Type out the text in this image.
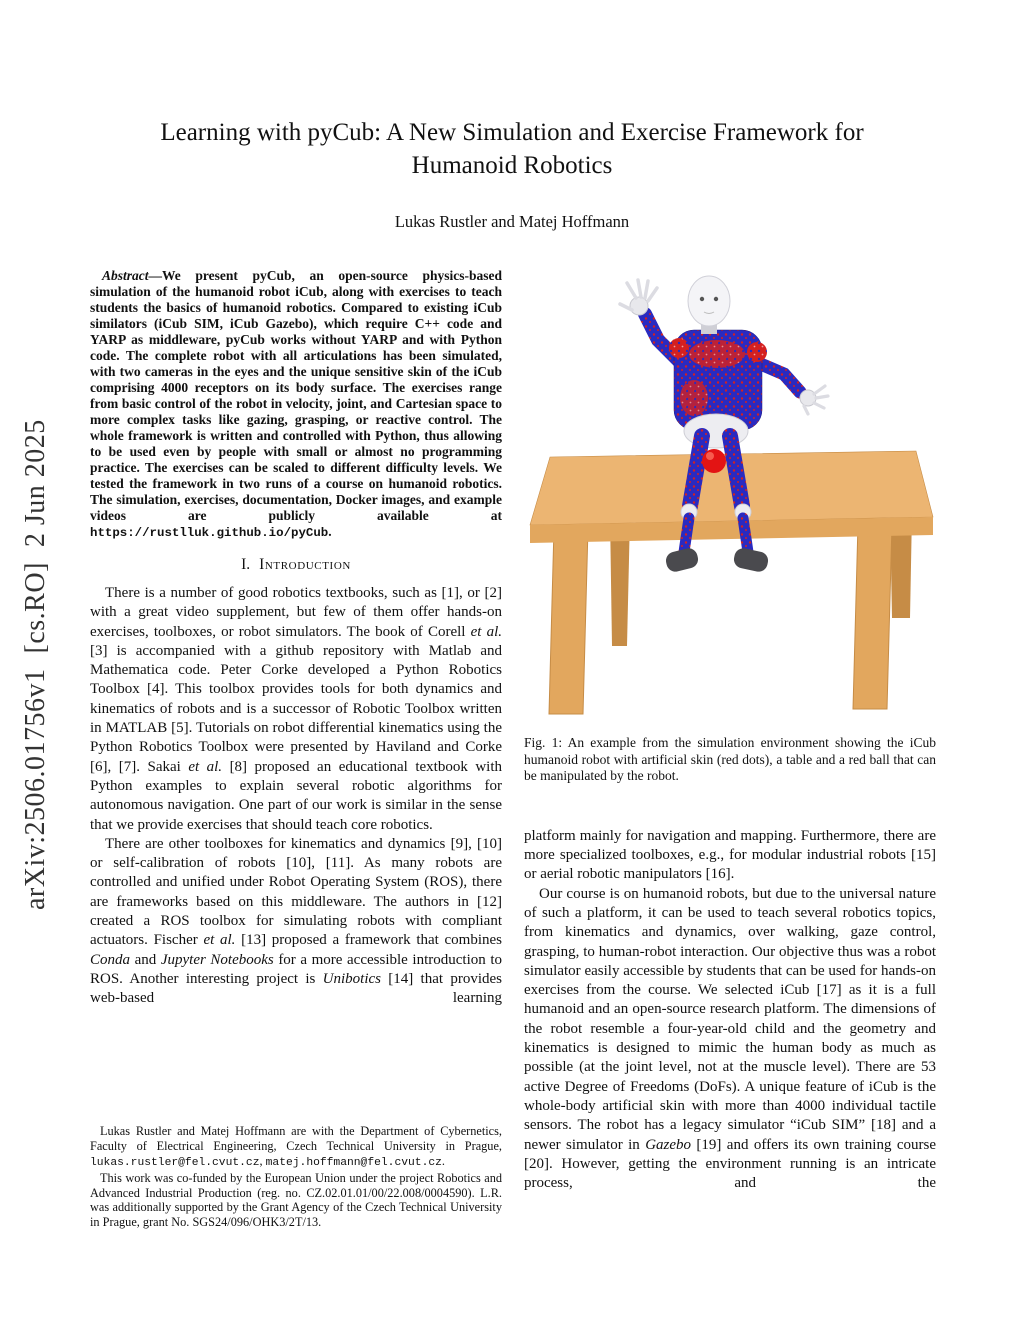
arXiv:2506.01756v1  [cs.RO]  2 Jun 2025
Learning with pyCub: A New Simulation and Exercise Framework for Humanoid Robotics
Lukas Rustler and Matej Hoffmann

Abstract—We present pyCub, an open-source physics-based simulation of the humanoid robot iCub, along with exercises to teach students the basics of humanoid robotics. Compared to existing iCub similators (iCub SIM, iCub Gazebo), which require C++ code and YARP as middleware, pyCub works without YARP and with Python code. The complete robot with all articulations has been simulated, with two cameras in the eyes and the unique sensitive skin of the iCub comprising 4000 receptors on its body surface. The exercises range from basic control of the robot in velocity, joint, and Cartesian space to more complex tasks like gazing, grasping, or reactive control. The whole framework is written and controlled with Python, thus allowing to be used even by people with small or almost no programming practice. The exercises can be scaled to different difficulty levels. We tested the framework in two runs of a course on humanoid robotics. The simulation, exercises, documentation, Docker images, and example videos are publicly available at https://rustlluk.github.io/pyCub.

I. Introduction

There is a number of good robotics textbooks, such as [1], or [2] with a great video supplement, but few of them offer hands-on exercises, toolboxes, or robot simulators. The book of Corell et al. [3] is accompanied with a github repository with Matlab and Mathematica code. Peter Corke developed a Python Robotics Toolbox [4]. This toolbox provides tools for both dynamics and kinematics of robots and is a successor of Robotic Toolbox written in MATLAB [5]. Tutorials on robot differential kinematics using the Python Robotics Toolbox were presented by Haviland and Corke [6], [7]. Sakai et al. [8] proposed an educational textbook with Python examples to explain several robotic algorithms for autonomous navigation. One part of our work is similar in the sense that we provide exercises that should teach core robotics.

There are other toolboxes for kinematics and dynamics [9], [10] or self-calibration of robots [10], [11]. As many robots are controlled and unified under Robot Operating System (ROS), there are frameworks based on this middleware. The authors in [12] created a ROS toolbox for simulating robots with compliant actuators. Fischer et al. [13] proposed a framework that combines Conda and Jupyter Notebooks for a more accessible introduction to ROS. Another interesting project is Unibotics [14] that provides web-based learning

Lukas Rustler and Matej Hoffmann are with the Department of Cybernetics, Faculty of Electrical Engineering, Czech Technical University in Prague, lukas.rustler@fel.cvut.cz, matej.hoffmann@fel.cvut.cz.

This work was co-funded by the European Union under the project Robotics and Advanced Industrial Production (reg. no. CZ.02.01.01/00/22.008/0004590). L.R. was additionally supported by the Grant Agency of the Czech Technical University in Prague, grant No. SGS24/096/OHK3/2T/13.

Fig. 1: An example from the simulation environment showing the iCub humanoid robot with artificial skin (red dots), a table and a red ball that can be manipulated by the robot.

platform mainly for navigation and mapping. Furthermore, there are more specialized toolboxes, e.g., for modular industrial robots [15] or aerial robotic manipulators [16].

Our course is on humanoid robots, but due to the universal nature of such a platform, it can be used to teach several robotics topics, from kinematics and dynamics, over walking, gaze control, grasping, to human-robot interaction. Our objective thus was a robot simulator easily accessible by students that can be used for hands-on exercises from the course. We selected iCub [17] as it is a full humanoid and an open-source research platform. The dimensions of the robot resemble a four-year-old child and the geometry and kinematics is designed to mimic the human body as much as possible (at the joint level, not at the muscle level). There are 53 active Degree of Freedoms (DoFs). A unique feature of iCub is the whole-body artificial skin with more than 4000 individual tactile sensors. The robot has a legacy simulator “iCub SIM” [18] and a newer simulator in Gazebo [19] and offers its own training course [20]. However, getting the environment running is an intricate process, and the
